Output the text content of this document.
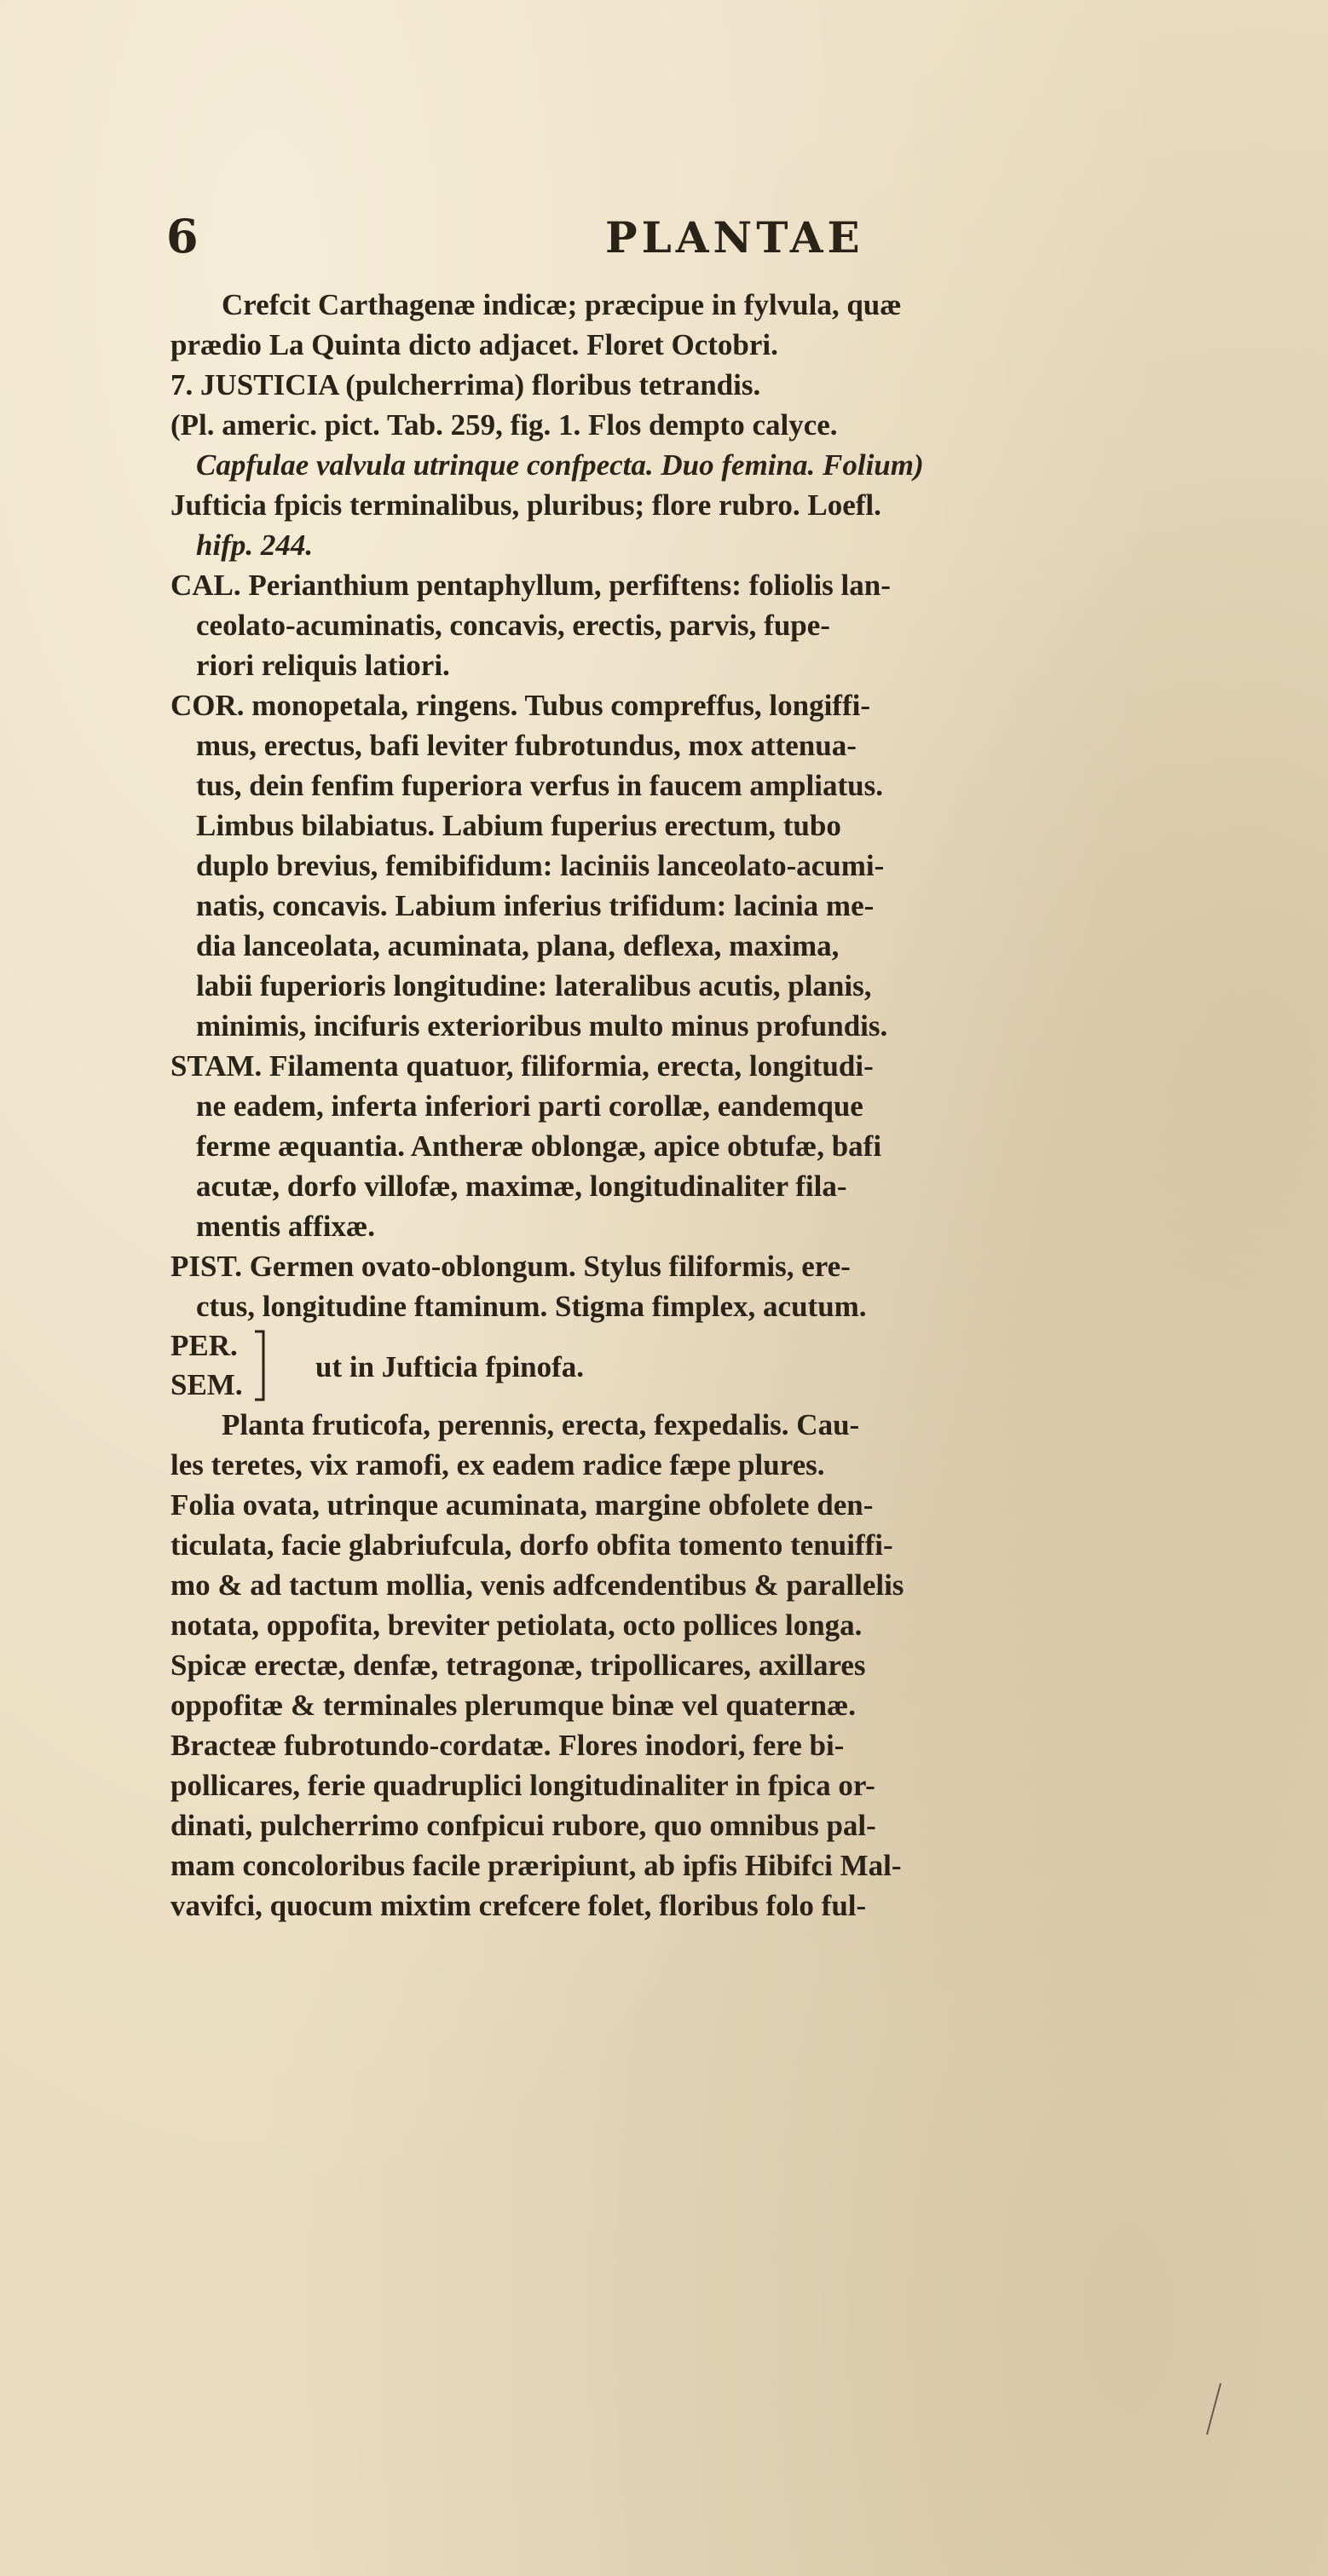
6	PLANTAE
Crefcit Carthagenæ indicæ; præcipue in fylvula, quæ
prædio La Quinta dicto adjacet. Floret Octobri.
7. JUSTICIA (pulcherrima) floribus tetrandis.
(Pl. americ. pict. Tab. 259, fig. 1. Flos dempto calyce.
Capfulae valvula utrinque confpecta. Duo femina. Folium)
Jufticia fpicis terminalibus, pluribus; flore rubro. Loefl.
hifp. 244.
CAL. Perianthium pentaphyllum, perfiftens: foliolis lan-
ceolato-acuminatis, concavis, erectis, parvis, fupe-
riori reliquis latiori.
COR. monopetala, ringens. Tubus compreffus, longiffi-
mus, erectus, bafi leviter fubrotundus, mox attenua-
tus, dein fenfim fuperiora verfus in faucem ampliatus.
Limbus bilabiatus. Labium fuperius erectum, tubo
duplo brevius, femibifidum: laciniis lanceolato-acumi-
natis, concavis. Labium inferius trifidum: lacinia me-
dia lanceolata, acuminata, plana, deflexa, maxima,
labii fuperioris longitudine: lateralibus acutis, planis,
minimis, incifuris exterioribus multo minus profundis.
STAM. Filamenta quatuor, filiformia, erecta, longitudi-
ne eadem, inferta inferiori parti corollæ, eandemque
ferme æquantia. Antheræ oblongæ, apice obtufæ, bafi
acutæ, dorfo villofæ, maximæ, longitudinaliter fila-
mentis affixæ.
PIST. Germen ovato-oblongum. Stylus filiformis, ere-
ctus, longitudine ftaminum. Stigma fimplex, acutum.
PER.
SEM.
ut in Jufticia fpinofa.
Planta fruticofa, perennis, erecta, fexpedalis. Cau-
les teretes, vix ramofi, ex eadem radice fæpe plures.
Folia ovata, utrinque acuminata, margine obfolete den-
ticulata, facie glabriufcula, dorfo obfita tomento tenuiffi-
mo & ad tactum mollia, venis adfcendentibus & parallelis
notata, oppofita, breviter petiolata, octo pollices longa.
Spicæ erectæ, denfæ, tetragonæ, tripollicares, axillares
oppofitæ & terminales plerumque binæ vel quaternæ.
Bracteæ fubrotundo-cordatæ. Flores inodori, fere bi-
pollicares, ferie quadruplici longitudinaliter in fpica or-
dinati, pulcherrimo confpicui rubore, quo omnibus pal-
mam concoloribus facile præripiunt, ab ipfis Hibifci Mal-
vavifci, quocum mixtim crefcere folet, floribus folo ful-
